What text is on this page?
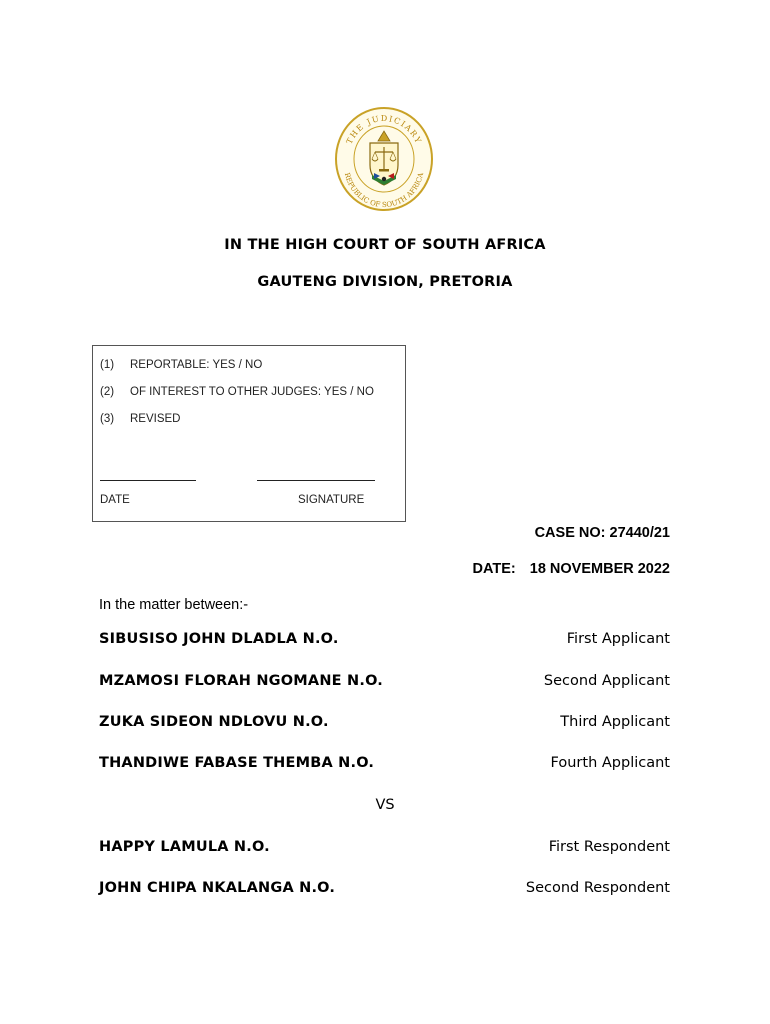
THE JUDICIARY
REPUBLIC OF SOUTH AFRICA
IN THE HIGH COURT OF SOUTH AFRICA
GAUTENG DIVISION, PRETORIA
(1) REPORTABLE: YES / NO
(2) OF INTEREST TO OTHER JUDGES: YES / NO
(3) REVISED
DATE	SIGNATURE
CASE NO: 27440/21
DATE: 18 NOVEMBER 2022
In the matter between:-
SIBUSISO JOHN DLADLA N.O.	First Applicant
MZAMOSI FLORAH NGOMANE N.O.	Second Applicant
ZUKA SIDEON NDLOVU N.O.	Third Applicant
THANDIWE FABASE THEMBA N.O.	Fourth Applicant
VS
HAPPY LAMULA N.O.	First Respondent
JOHN CHIPA NKALANGA N.O.	Second Respondent
